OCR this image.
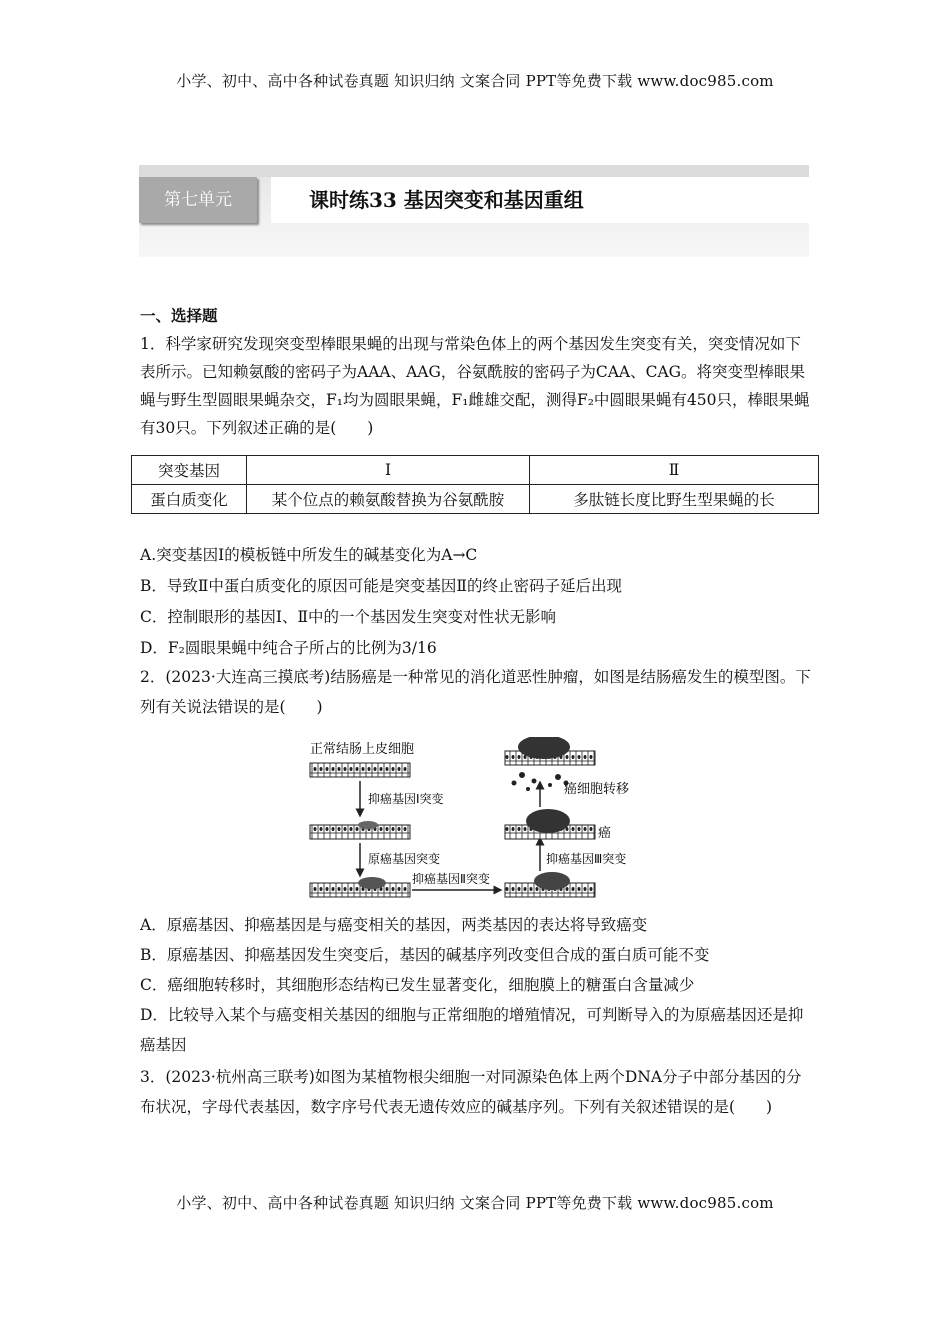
小学、初中、高中各种试卷真题 知识归纳 文案合同 PPT等免费下载 www.doc985.com
第七单元	课时练33 基因突变和基因重组

一、选择题

1．科学家研究发现突变型棒眼果蝇的出现与常染色体上的两个基因发生突变有关，突变情况如下表所示。已知赖氨酸的密码子为AAA、AAG，谷氨酰胺的密码子为CAA、CAG。将突变型棒眼果蝇与野生型圆眼果蝇杂交，F₁均为圆眼果蝇，F₁雌雄交配，测得F₂中圆眼果蝇有450只，棒眼果蝇有30只。下列叙述正确的是(　　)

突变基因	Ⅰ	Ⅱ
蛋白质变化	某个位点的赖氨酸替换为谷氨酰胺	多肽链长度比野生型果蝇的长

A.突变基因Ⅰ的模板链中所发生的碱基变化为A→C

B．导致Ⅱ中蛋白质变化的原因可能是突变基因Ⅱ的终止密码子延后出现

C．控制眼形的基因Ⅰ、Ⅱ中的一个基因发生突变对性状无影响

D．F₂圆眼果蝇中纯合子所占的比例为3/16

2．(2023·大连高三摸底考)结肠癌是一种常见的消化道恶性肿瘤，如图是结肠癌发生的模型图。下列有关说法错误的是(　　)
正常结肠上皮细胞
抑癌基因Ⅰ突变
原癌基因突变
抑癌基因Ⅱ突变
抑癌基因Ⅲ突变
癌
癌细胞转移

A．原癌基因、抑癌基因是与癌变相关的基因，两类基因的表达将导致癌变

B．原癌基因、抑癌基因发生突变后，基因的碱基序列改变但合成的蛋白质可能不变

C．癌细胞转移时，其细胞形态结构已发生显著变化，细胞膜上的糖蛋白含量减少

D．比较导入某个与癌变相关基因的细胞与正常细胞的增殖情况，可判断导入的为原癌基因还是抑癌基因

3．(2023·杭州高三联考)如图为某植物根尖细胞一对同源染色体上两个DNA分子中部分基因的分布状况，字母代表基因，数字序号代表无遗传效应的碱基序列。下列有关叙述错误的是(　　)
小学、初中、高中各种试卷真题 知识归纳 文案合同 PPT等免费下载 www.doc985.com
